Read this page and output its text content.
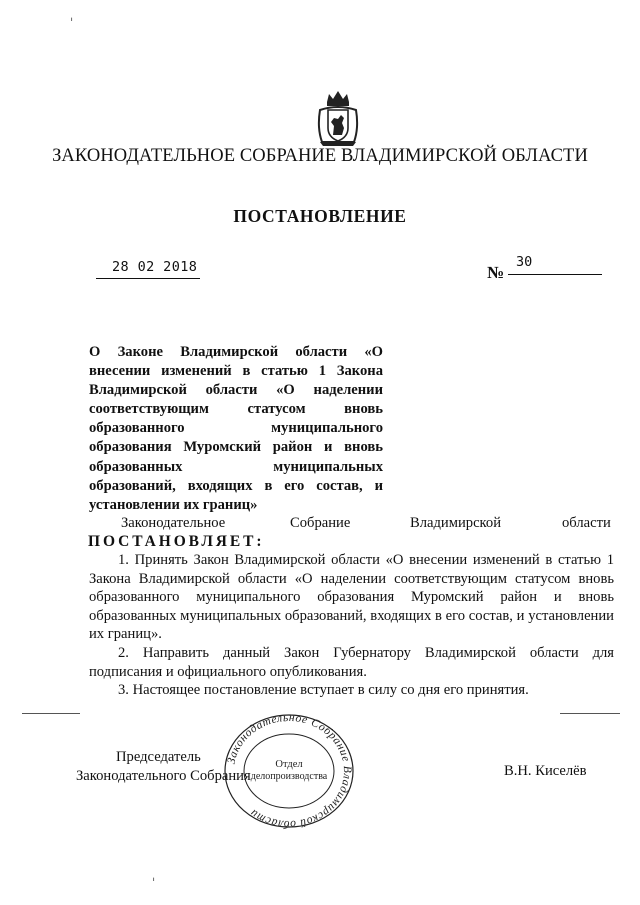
ЗАКОНОДАТЕЛЬНОЕ СОБРАНИЕ ВЛАДИМИРСКОЙ ОБЛАСТИ
ПОСТАНОВЛЕНИЕ
28 02 2018	№
30
О Законе Владимирской области «О внесении изменений в статью 1 Закона Владимирской области «О наделении соответствующим статусом вновь образованного муниципального образования Муромский район и вновь образованных муниципальных образований, входящих в его состав, и установлении их границ»
Законодательное	Собрание	Владимирской	области
ПОСТАНОВЛЯЕТ:

1. Принять Закон Владимирской области «О внесении изменений в статью 1 Закона Владимирской области «О наделении соответствующим статусом вновь образованного муниципального образования Муромский район и вновь образованных муниципальных образований, входящих в его состав, и установлении их границ».

2. Направить данный Закон Губернатору Владимирской области для подписания и официального опубликования.

3. Настоящее постановление вступает в силу со дня его принятия.

Председатель
Законодательного Собрания	В.Н. Киселёв
Законодательное Собрание Владимирской области
Отдел
делопроизводства
ˌ
ˌ
